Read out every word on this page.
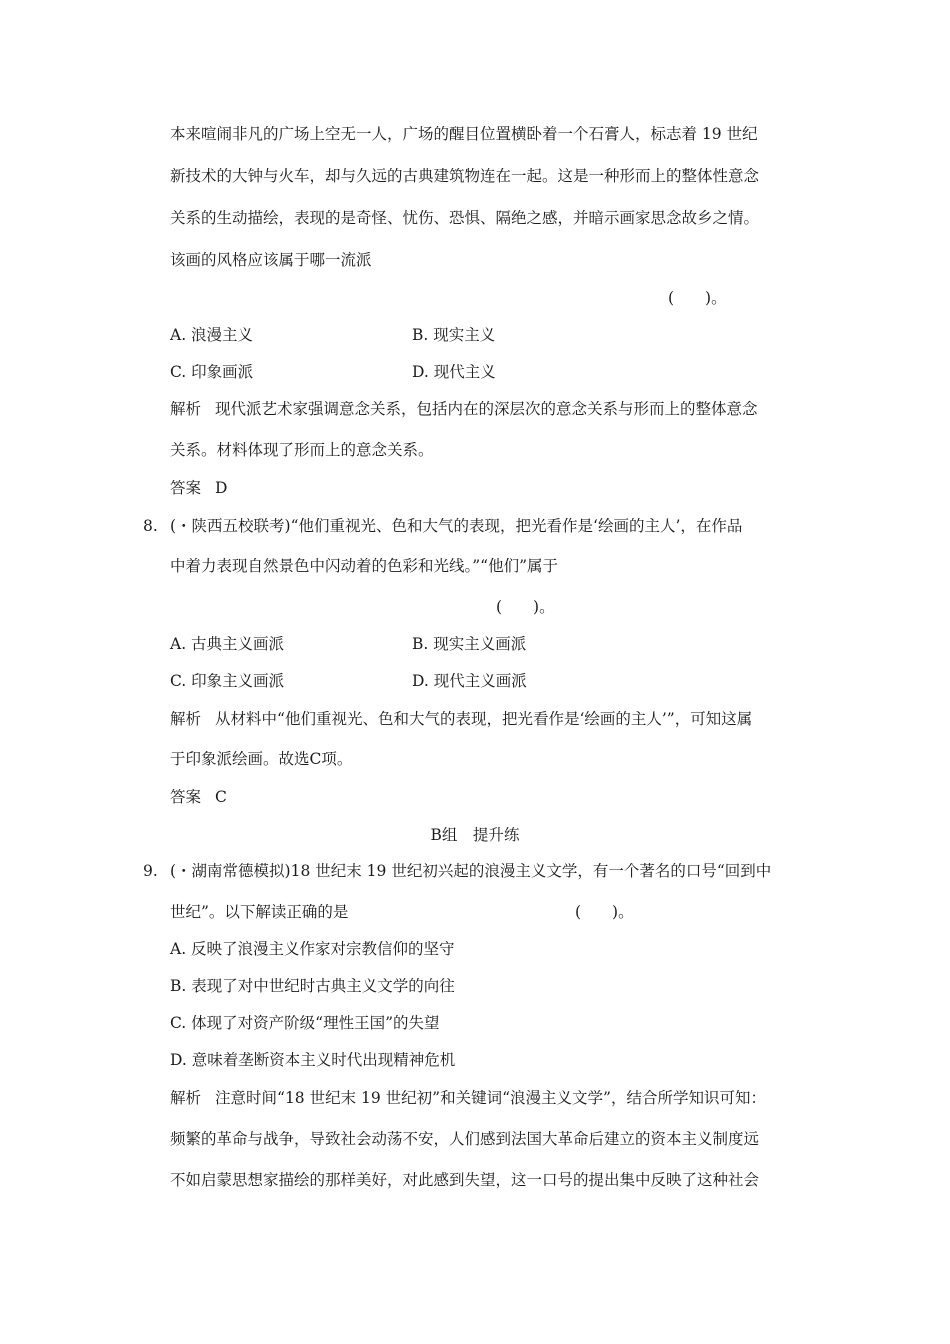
本来喧闹非凡的广场上空无一人，广场的醒目位置横卧着一个石膏人，标志着 19 世纪
新技术的大钟与火车，却与久远的古典建筑物连在一起。这是一种形而上的整体性意念
关系的生动描绘，表现的是奇怪、忧伤、恐惧、隔绝之感，并暗示画家思念故乡之情。
该画的风格应该属于哪一流派
(　　)。
A. 浪漫主义	B. 现实主义
C. 印象画派	D. 现代主义
解析 现代派艺术家强调意念关系，包括内在的深层次的意念关系与形而上的整体意念
关系。材料体现了形而上的意念关系。
答案 D
8. (・陕西五校联考)“他们重视光、色和大气的表现，把光看作是‘绘画的主人’，在作品
中着力表现自然景色中闪动着的色彩和光线。”“他们”属于
(　　)。
A. 古典主义画派	B. 现实主义画派
C. 印象主义画派	D. 现代主义画派
解析 从材料中“他们重视光、色和大气的表现，把光看作是‘绘画的主人’”，可知这属
于印象派绘画。故选C项。
答案 C
B组　提升练
9. (・湖南常德模拟)18 世纪末 19 世纪初兴起的浪漫主义文学，有一个著名的口号“回到中
世纪”。以下解读正确的是	(　　)。
A. 反映了浪漫主义作家对宗教信仰的坚守
B. 表现了对中世纪时古典主义文学的向往
C. 体现了对资产阶级“理性王国”的失望
D. 意味着垄断资本主义时代出现精神危机
解析 注意时间“18 世纪末 19 世纪初”和关键词“浪漫主义文学”，结合所学知识可知：
频繁的革命与战争，导致社会动荡不安，人们感到法国大革命后建立的资本主义制度远
不如启蒙思想家描绘的那样美好，对此感到失望，这一口号的提出集中反映了这种社会
